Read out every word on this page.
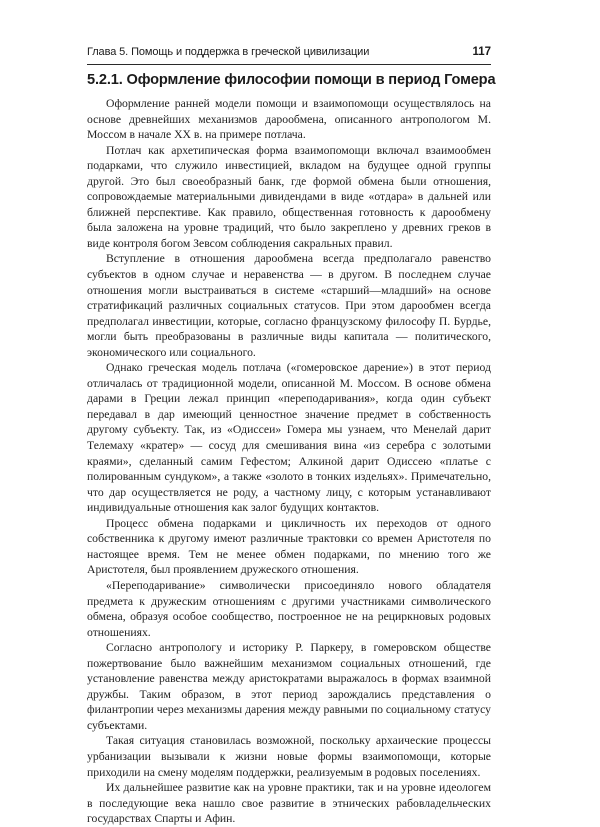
Глава 5. Помощь и поддержка в греческой цивилизации	117
5.2.1. Оформление философии помощи в период Гомера

Оформление ранней модели помощи и взаимопомощи осуществлялось на основе древнейших механизмов дарообмена, описанного антропологом М. Моссом в начале XX в. на примере потлача.

Потлач как архетипическая форма взаимопомощи включал взаимообмен подарками, что служило инвестицией, вкладом на будущее одной группы другой. Это был своеобразный банк, где формой обмена были отношения, сопровождаемые материальными дивидендами в виде «отдара» в дальней или ближней перспективе. Как правило, общественная готовность к дарообмену была заложена на уровне традиций, что было закреплено у древних греков в виде контроля богом Зевсом соблюдения сакральных правил.

Вступление в отношения дарообмена всегда предполагало равенство субъектов в одном случае и неравенства — в другом. В последнем случае отношения могли выстраиваться в системе «старший—младший» на основе стратификаций различных социальных статусов. При этом дарообмен всегда предполагал инвестиции, которые, согласно французскому философу П. Бурдье, могли быть преобразованы в различные виды капитала — политического, экономического или социального.

Однако греческая модель потлача («гомеровское дарение») в этот период отличалась от традиционной модели, описанной М. Моссом. В основе обмена дарами в Греции лежал принцип «переподаривания», когда один субъект передавал в дар имеющий ценностное значение предмет в собственность другому субъекту. Так, из «Одиссеи» Гомера мы узнаем, что Менелай дарит Телемаху «кратер» — сосуд для смешивания вина «из серебра с золотыми краями», сделанный самим Гефестом; Алкиной дарит Одиссею «платье с полированным сундуком», а также «золото в тонких издельях». Примечательно, что дар осуществляется не роду, а частному лицу, с которым устанавливают индивидуальные отношения как залог будущих контактов.

Процесс обмена подарками и цикличность их переходов от одного собственника к другому имеют различные трактовки со времен Аристотеля по настоящее время. Тем не менее обмен подарками, по мнению того же Аристотеля, был проявлением дружеского отношения.

«Переподаривание» символически присоединяло нового обладателя предмета к дружеским отношениям с другими участниками символического обмена, образуя особое сообщество, построенное не на рециркновых родовых отношениях.

Согласно антропологу и историку Р. Паркеру, в гомеровском обществе пожертвование было важнейшим механизмом социальных отношений, где установление равенства между аристократами выражалось в формах взаимной дружбы. Таким образом, в этот период зарождались представления о филантропии через механизмы дарения между равными по социальному статусу субъектами.

Такая ситуация становилась возможной, поскольку архаические процессы урбанизации вызывали к жизни новые формы взаимопомощи, которые приходили на смену моделям поддержки, реализуемым в родовых поселениях.

Их дальнейшее развитие как на уровне практики, так и на уровне идеологем в последующие века нашло свое развитие в этнических рабовладельческих государствах Спарты и Афин.
